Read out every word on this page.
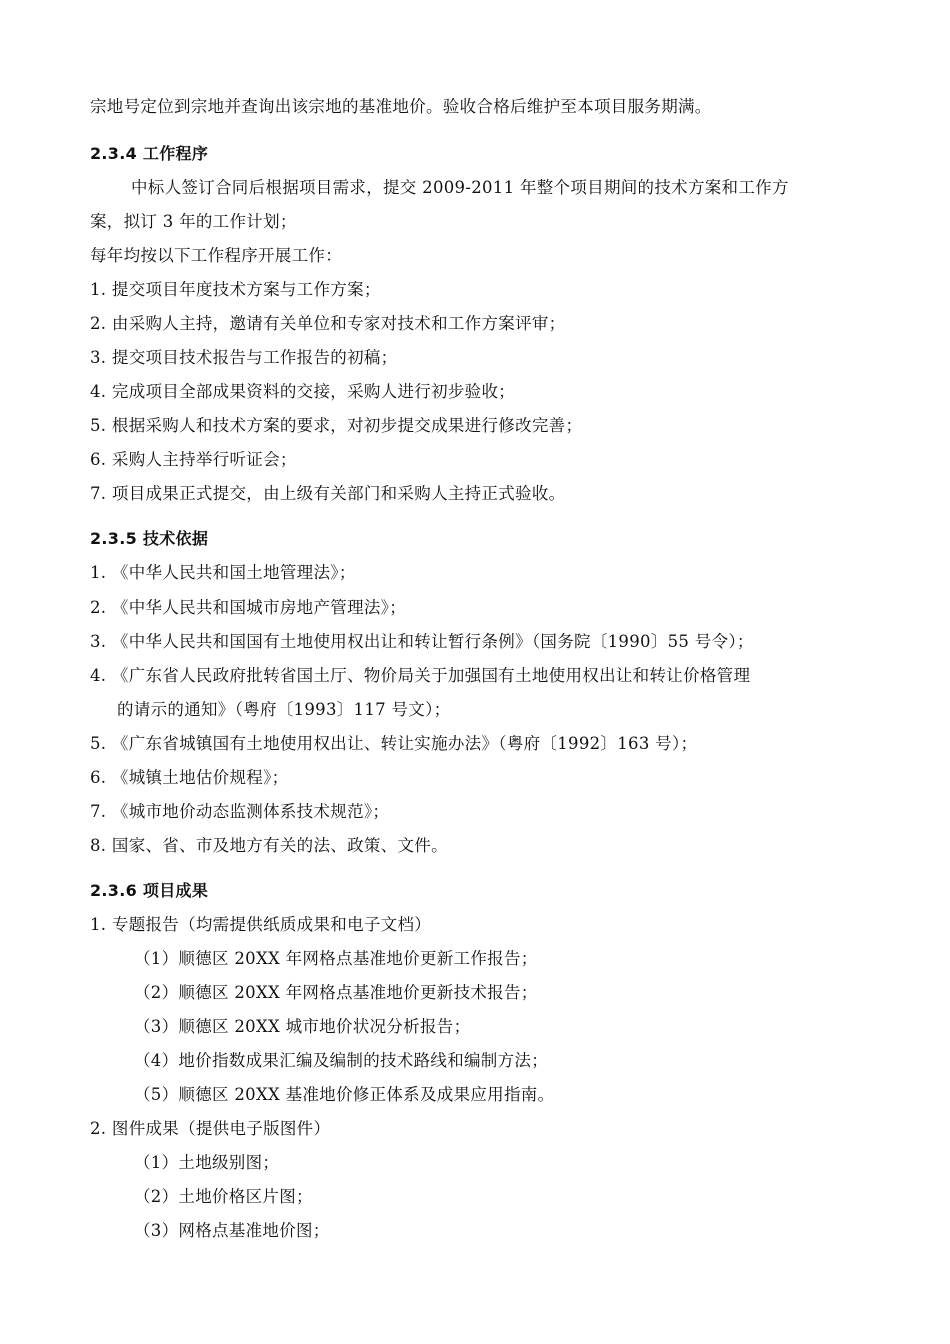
宗地号定位到宗地并查询出该宗地的基准地价。验收合格后维护至本项目服务期满。
2.3.4 工作程序
中标人签订合同后根据项目需求，提交 2009-2011 年整个项目期间的技术方案和工作方
案，拟订 3 年的工作计划；
每年均按以下工作程序开展工作：
1. 提交项目年度技术方案与工作方案；
2. 由采购人主持，邀请有关单位和专家对技术和工作方案评审；
3. 提交项目技术报告与工作报告的初稿；
4. 完成项目全部成果资料的交接，采购人进行初步验收；
5. 根据采购人和技术方案的要求，对初步提交成果进行修改完善；
6. 采购人主持举行听证会；
7. 项目成果正式提交，由上级有关部门和采购人主持正式验收。
2.3.5 技术依据
1. 《中华人民共和国土地管理法》；
2. 《中华人民共和国城市房地产管理法》；
3. 《中华人民共和国国有土地使用权出让和转让暂行条例》（国务院〔1990〕55 号令）；
4. 《广东省人民政府批转省国土厅、物价局关于加强国有土地使用权出让和转让价格管理
的请示的通知》（粤府〔1993〕117 号文）；
5. 《广东省城镇国有土地使用权出让、转让实施办法》（粤府〔1992〕163 号）；
6. 《城镇土地估价规程》；
7. 《城市地价动态监测体系技术规范》；
8. 国家、省、市及地方有关的法、政策、文件。
2.3.6 项目成果
1. 专题报告（均需提供纸质成果和电子文档）
（1）顺德区 20XX 年网格点基准地价更新工作报告；
（2）顺德区 20XX 年网格点基准地价更新技术报告；
（3）顺德区 20XX 城市地价状况分析报告；
（4）地价指数成果汇编及编制的技术路线和编制方法；
（5）顺德区 20XX 基准地价修正体系及成果应用指南。
2. 图件成果（提供电子版图件）
（1）土地级别图；
（2）土地价格区片图；
（3）网格点基准地价图；
